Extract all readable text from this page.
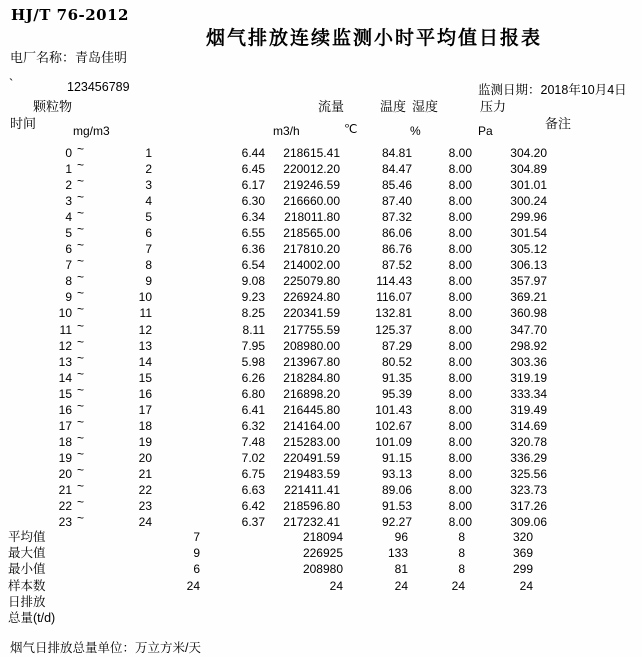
HJ/T 76-2012
烟气排放连续监测小时平均值日报表
电厂名称：青岛佳明
`	123456789	监测日期：2018年10月4日
时间
颗粒物	流量	温度 湿度	压力
备注
mg/m3	m3/h	℃	%	Pa
0 ~	1	6.44	218615.41	84.81	8.00	304.20
1 ~	2	6.45	220012.20	84.47	8.00	304.89
2 ~	3	6.17	219246.59	85.46	8.00	301.01
3 ~	4	6.30	216660.00	87.40	8.00	300.24
4 ~	5	6.34	218011.80	87.32	8.00	299.96
5 ~	6	6.55	218565.00	86.06	8.00	301.54
6 ~	7	6.36	217810.20	86.76	8.00	305.12
7 ~	8	6.54	214002.00	87.52	8.00	306.13
8 ~	9	9.08	225079.80	114.43	8.00	357.97
9 ~	10	9.23	226924.80	116.07	8.00	369.21
10 ~	11	8.25	220341.59	132.81	8.00	360.98
11 ~	12	8.11	217755.59	125.37	8.00	347.70
12 ~	13	7.95	208980.00	87.29	8.00	298.92
13 ~	14	5.98	213967.80	80.52	8.00	303.36
14 ~	15	6.26	218284.80	91.35	8.00	319.19
15 ~	16	6.80	216898.20	95.39	8.00	333.34
16 ~	17	6.41	216445.80	101.43	8.00	319.49
17 ~	18	6.32	214164.00	102.67	8.00	314.69
18 ~	19	7.48	215283.00	101.09	8.00	320.78
19 ~	20	7.02	220491.59	91.15	8.00	336.29
20 ~	21	6.75	219483.59	93.13	8.00	325.56
21 ~	22	6.63	221411.41	89.06	8.00	323.73
22 ~	23	6.42	218596.80	91.53	8.00	317.26
23 ~	24	6.37	217232.41	92.27	8.00	309.06
平均值	7	218094	96	8	320
最大值	9	226925	133	8	369
最小值	6	208980	81	8	299
样本数	24	24	24	24	24
日排放
总量(t/d)
烟气日排放总量单位：万立方米/天
